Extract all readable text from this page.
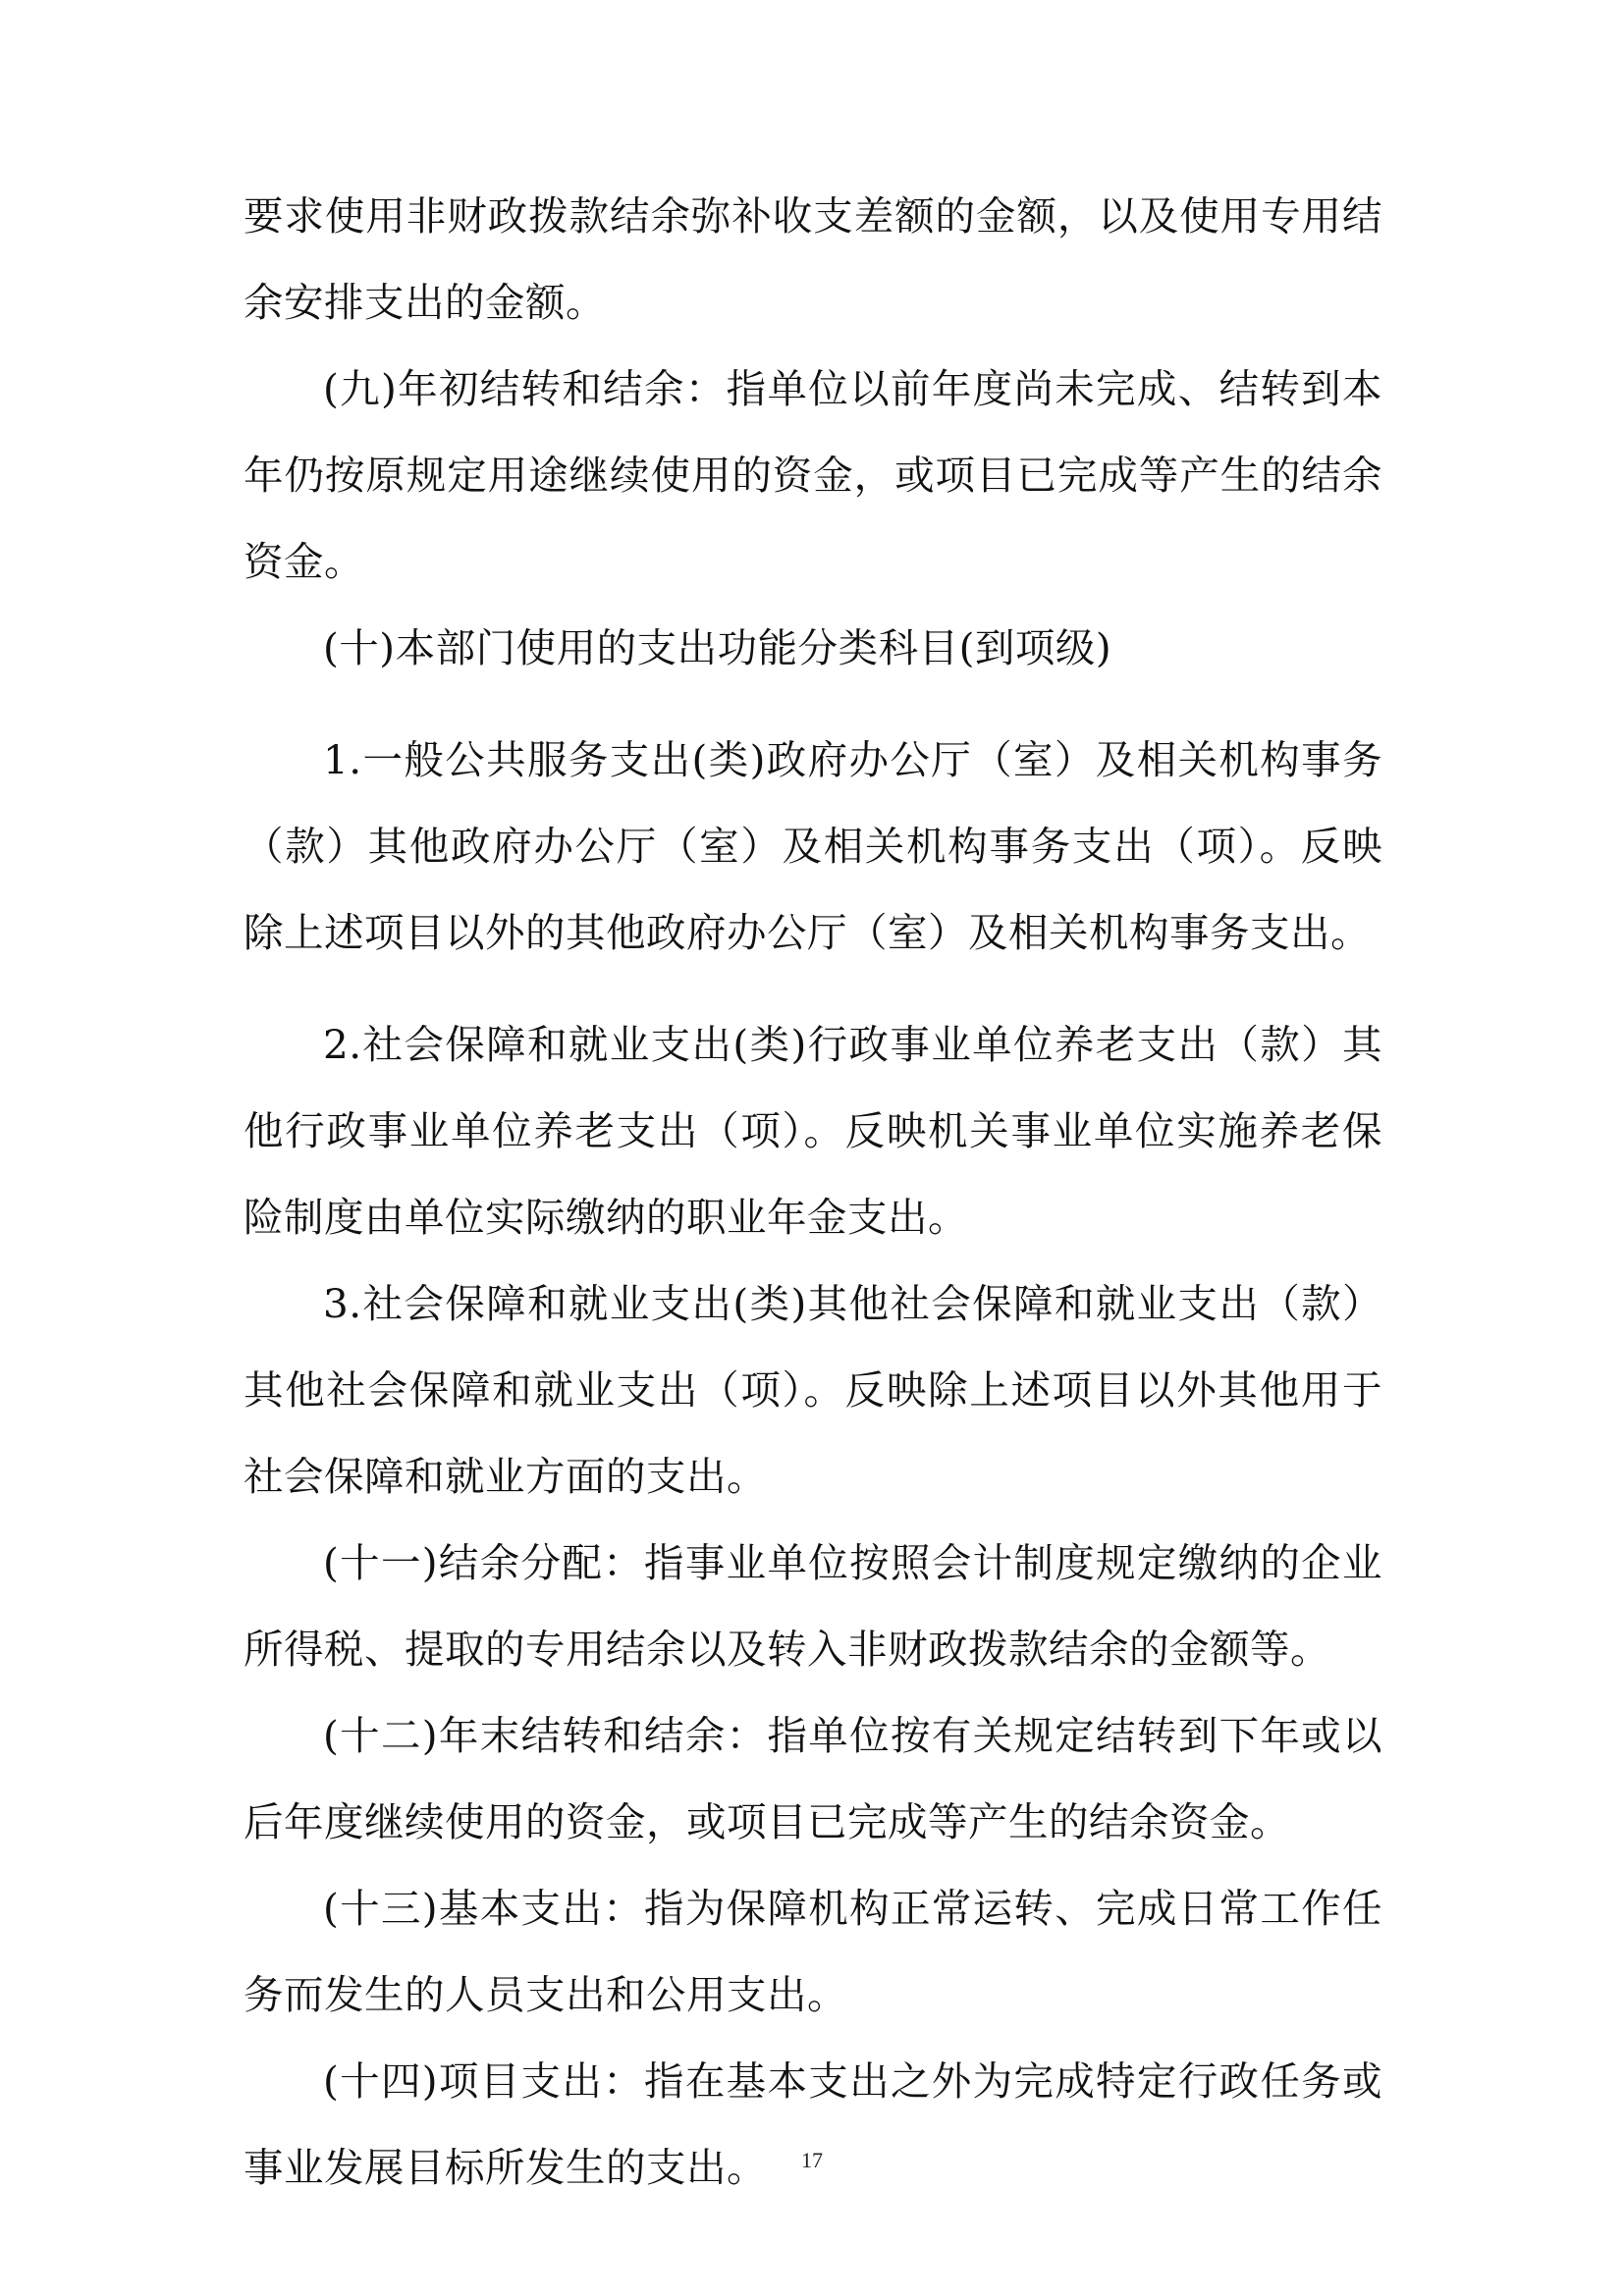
要求使用非财政拨款结余弥补收支差额的金额，以及使用专用结余安排支出的金额。

(九)年初结转和结余：指单位以前年度尚未完成、结转到本年仍按原规定用途继续使用的资金，或项目已完成等产生的结余资金。

(十)本部门使用的支出功能分类科目(到项级)

1.一般公共服务支出(类)政府办公厅（室）及相关机构事务（款）其他政府办公厅（室）及相关机构事务支出（项）。反映除上述项目以外的其他政府办公厅（室）及相关机构事务支出。

2.社会保障和就业支出(类)行政事业单位养老支出（款）其他行政事业单位养老支出（项）。反映机关事业单位实施养老保险制度由单位实际缴纳的职业年金支出。

3.社会保障和就业支出(类)其他社会保障和就业支出（款）其他社会保障和就业支出（项）。反映除上述项目以外其他用于社会保障和就业方面的支出。

(十一)结余分配：指事业单位按照会计制度规定缴纳的企业所得税、提取的专用结余以及转入非财政拨款结余的金额等。

(十二)年末结转和结余：指单位按有关规定结转到下年或以后年度继续使用的资金，或项目已完成等产生的结余资金。

(十三)基本支出：指为保障机构正常运转、完成日常工作任务而发生的人员支出和公用支出。

(十四)项目支出：指在基本支出之外为完成特定行政任务或事业发展目标所发生的支出。	17
